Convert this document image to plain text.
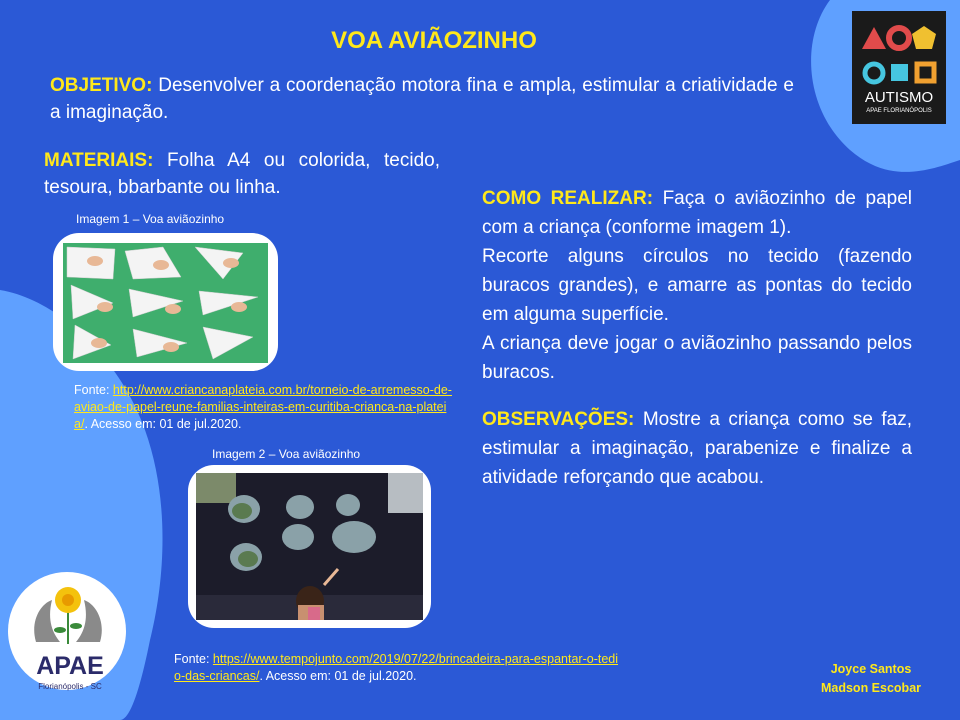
AUTISMO
APAE FLORIANÓPOLIS
VOA AVIÃOZINHO
OBJETIVO: Desenvolver a coordenação motora fina e ampla, estimular a criatividade e a imaginação.
MATERIAIS: Folha A4 ou colorida, tecido, tesoura, bbarbante ou linha.
Imagem 1 – Voa aviãozinho
Fonte: http://www.criancanaplateia.com.br/torneio-de-arremesso-de-aviao-de-papel-reune-familias-inteiras-em-curitiba-crianca-na-plateia/. Acesso em: 01 de jul.2020.
Imagem 2 – Voa aviãozinho
Fonte: https://www.tempojunto.com/2019/07/22/brincadeira-para-espantar-o-tedio-das-criancas/. Acesso em: 01 de jul.2020.
COMO REALIZAR: Faça o aviãozinho de papel com a criança (conforme imagem 1).
Recorte alguns círculos no tecido (fazendo buracos grandes), e amarre as pontas do tecido em alguma superfície.
A criança deve jogar o aviãozinho passando pelos buracos.
OBSERVAÇÕES: Mostre a criança como se faz, estimular a imaginação, parabenize e finalize a atividade reforçando que acabou.
APAE
Florianópolis - SC
Joyce Santos
Madson Escobar
